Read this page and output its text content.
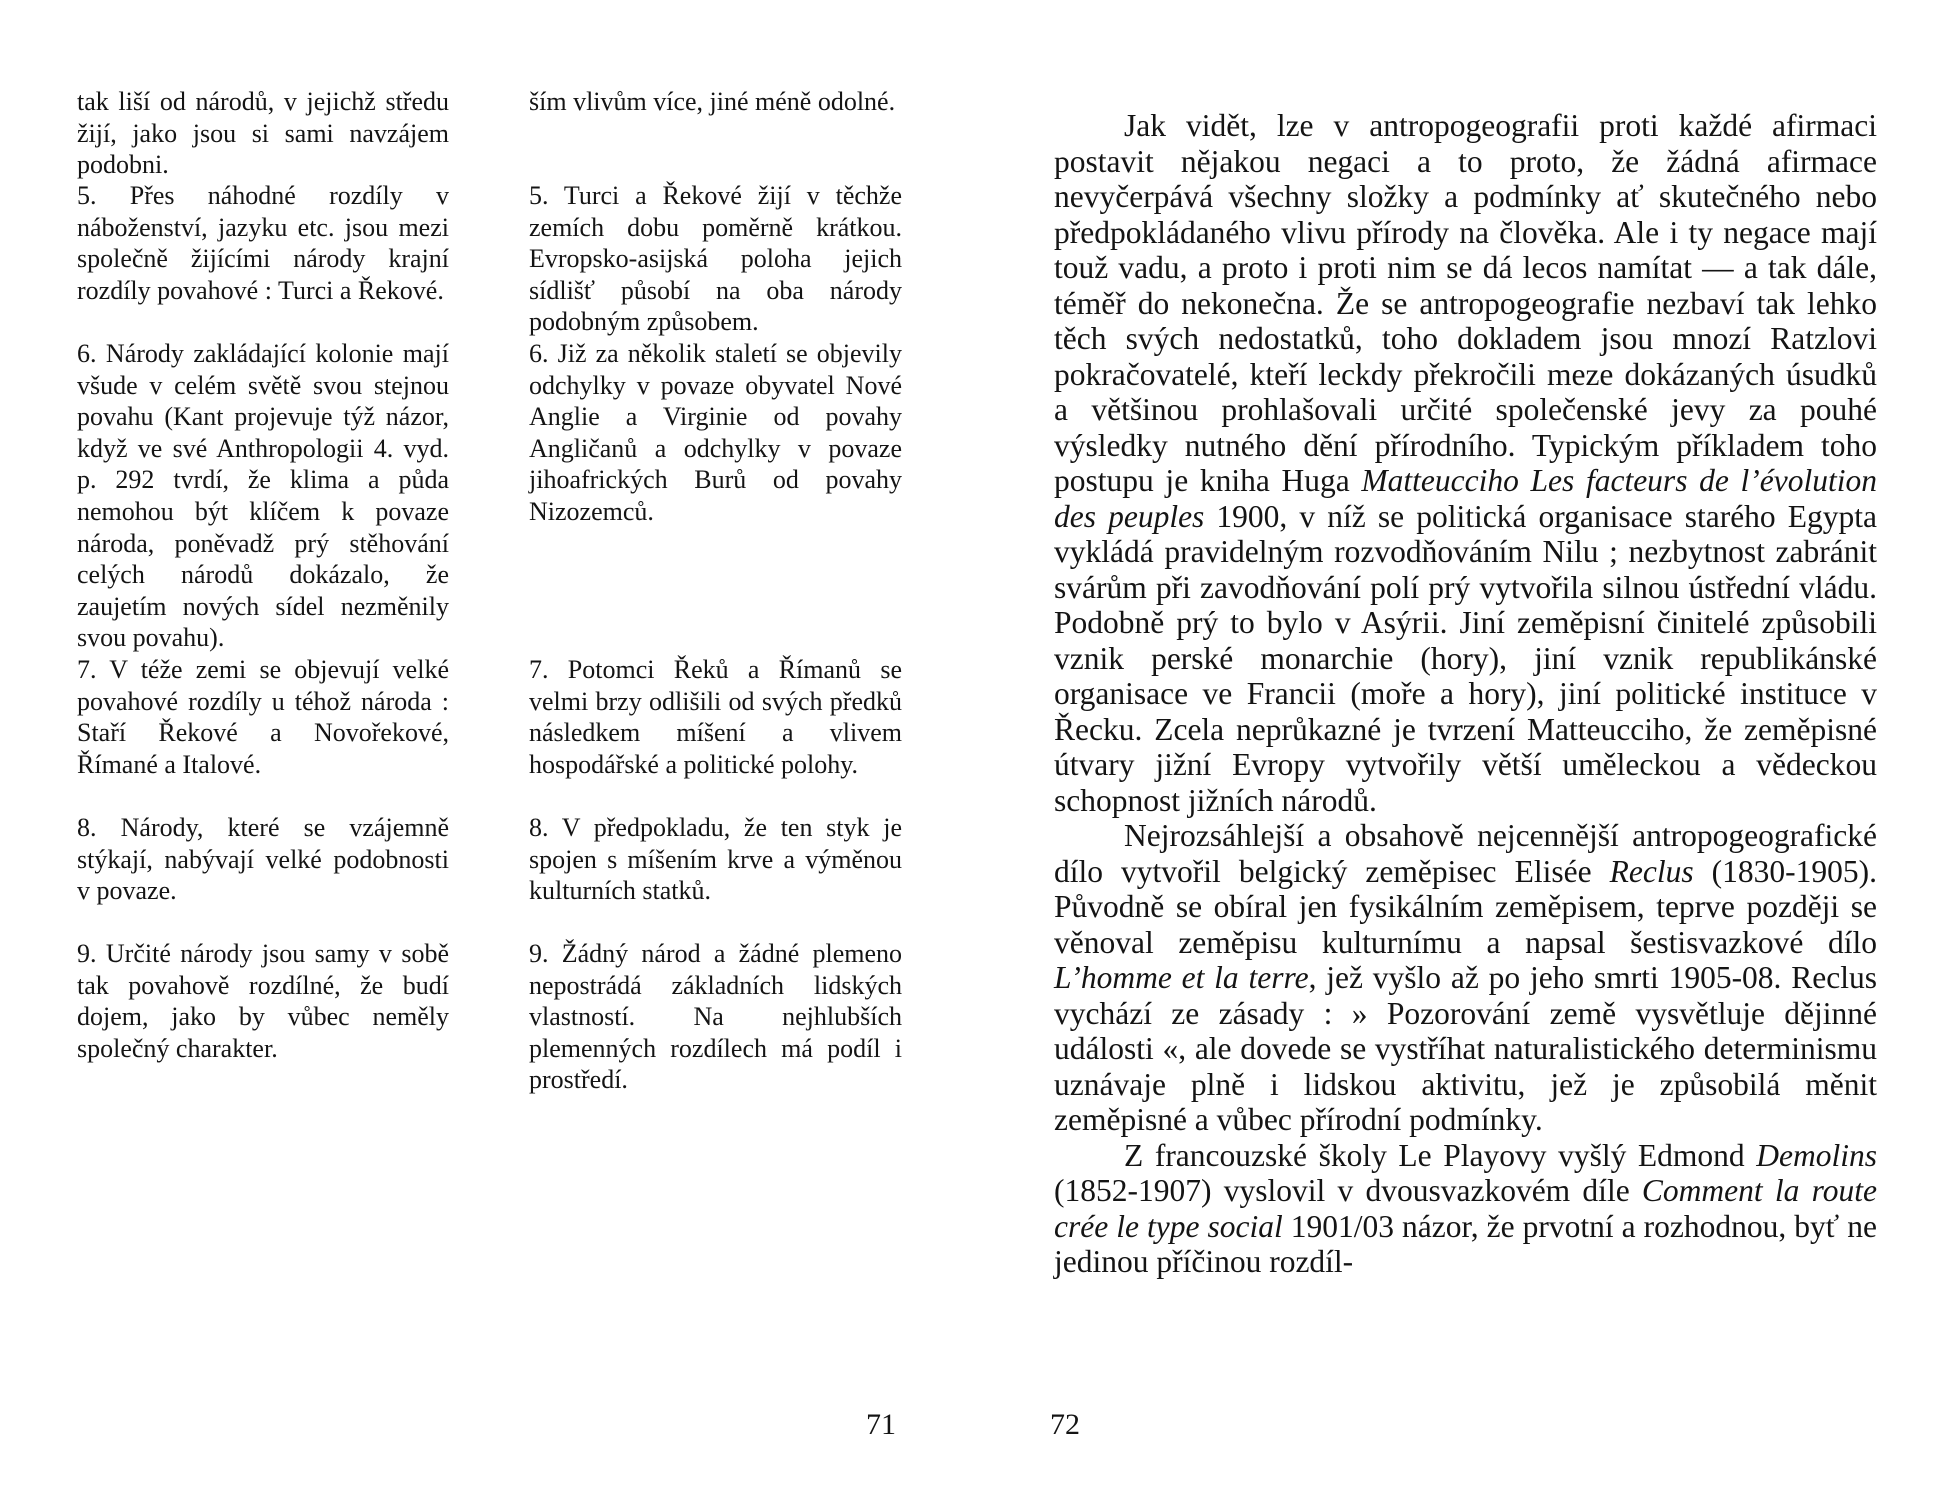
tak liší od národů, v jejichž středu žijí, jako jsou si sami navzájem podobni.

5. Přes náhodné rozdíly v náboženství, jazyku etc. jsou mezi společně žijícími národy krajní rozdíly povahové : Turci a Řekové.

6. Národy zakládající kolonie mají všude v celém světě svou stejnou povahu (Kant projevuje týž názor, když ve své Anthropologii 4. vyd. p. 292 tvrdí, že klima a půda nemohou být klíčem k povaze národa, poněvadž prý stěhování celých národů dokázalo, že zaujetím nových sídel nezměnily svou povahu).

7. V téže zemi se objevují velké povahové rozdíly u téhož národa : Staří Řekové a Novořekové, Římané a Italové.

8. Národy, které se vzájemně stýkají, nabývají velké podobnosti v povaze.

9. Určité národy jsou samy v sobě tak povahově rozdílné, že budí dojem, jako by vůbec neměly společný charakter.

ším vlivům více, jiné méně odolné.

5. Turci a Řekové žijí v těchže zemích dobu poměrně krátkou. Evropsko-asijská poloha jejich sídlišť působí na oba národy podobným způsobem.

6. Již za několik staletí se objevily odchylky v povaze obyvatel Nové Anglie a Virginie od povahy Angličanů a odchylky v povaze jihoafrických Burů od povahy Nizozemců.

7. Potomci Řeků a Římanů se velmi brzy odlišili od svých předků následkem míšení a vlivem hospodářské a politické polohy.

8. V předpokladu, že ten styk je spojen s míšením krve a výměnou kulturních statků.

9. Žádný národ a žádné plemeno nepostrádá základních lidských vlastností. Na nejhlubších plemenných rozdílech má podíl i prostředí.

71

Jak vidět, lze v antropogeografii proti každé afirmaci postavit nějakou negaci a to proto, že žádná afirmace nevyčerpává všechny složky a podmínky ať skutečného nebo předpokládaného vlivu přírody na člověka. Ale i ty negace mají touž vadu, a proto i proti nim se dá lecos namítat — a tak dále, téměř do nekonečna. Že se antropogeografie nezbaví tak lehko těch svých nedostatků, toho dokladem jsou mnozí Ratzlovi pokračovatelé, kteří leckdy překročili meze dokázaných úsudků a většinou prohlašovali určité společenské jevy za pouhé výsledky nutného dění přírodního. Typickým příkladem toho postupu je kniha Huga Matteucciho Les facteurs de l’évolution des peuples 1900, v níž se politická organisace starého Egypta vykládá pravidelným rozvodňováním Nilu ; nezbytnost zabránit svárům při zavodňování polí prý vytvořila silnou ústřední vládu. Podobně prý to bylo v Asýrii. Jiní zeměpisní činitelé způsobili vznik perské monarchie (hory), jiní vznik republikánské organisace ve Francii (moře a hory), jiní politické instituce v Řecku. Zcela neprůkazné je tvrzení Matteucciho, že zeměpisné útvary jižní Evropy vytvořily větší uměleckou a vědeckou schopnost jižních národů.

Nejrozsáhlejší a obsahově nejcennější antropogeografické dílo vytvořil belgický zeměpisec Elisée Reclus (1830-1905). Původně se obíral jen fysikálním zeměpisem, teprve později se věnoval zeměpisu kulturnímu a napsal šestisvazkové dílo L’homme et la terre, jež vyšlo až po jeho smrti 1905-08. Reclus vychází ze zásady : » Pozorování země vysvětluje dějinné události «, ale dovede se vystříhat naturalistického determinismu uznávaje plně i lidskou aktivitu, jež je způsobilá měnit zeměpisné a vůbec přírodní podmínky.

Z francouzské školy Le Playovy vyšlý Edmond Demolins (1852-1907) vyslovil v dvousvazkovém díle Comment la route crée le type social 1901/03 názor, že prvotní a rozhodnou, byť ne jedinou příčinou rozdíl-

72
